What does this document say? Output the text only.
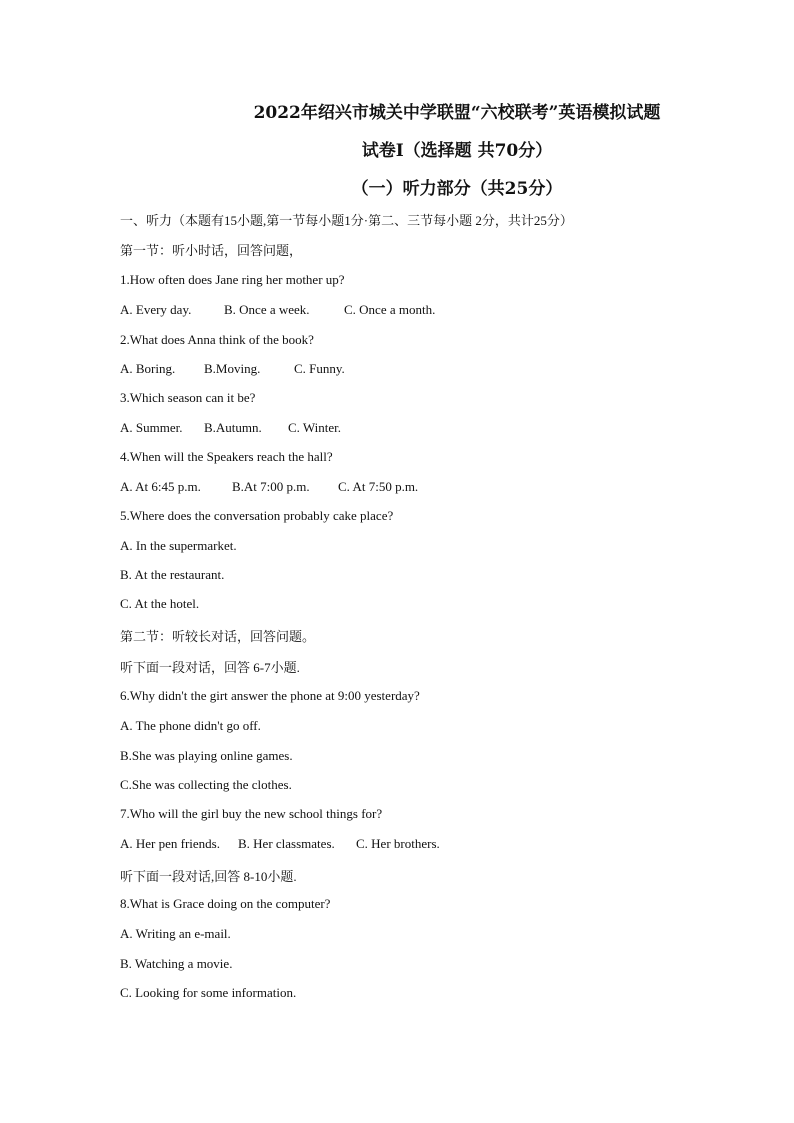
2022年绍兴市城关中学联盟“六校联考”英语模拟试题
试卷I（选择题 共70分）
（一）听力部分（共25分）
一、听力（本题有15小题,第一节每小题1分·第二、三节每小题 2分，共计25分）
第一节：听小时话，回答问题，
1.How often does Jane ring her mother up?
A. Every day.	B. Once a week.	C. Once a month.
2.What does Anna think of the book?
A. Boring. B.Moving.	C. Funny.
3.Which season can it be?
A. Summer. B.Autumn. C. Winter.
4.When will the Speakers reach the hall?
A. At 6:45 p.m. B.At 7:00 p.m. C. At 7:50 p.m.
5.Where does the conversation probably cake place?
A. In the supermarket.
B. At the restaurant.
C. At the hotel.
第二节：听较长对话，回答问题。
听下面一段对话，回答 6-7小题.
6.Why didn't the girt answer the phone at 9:00 yesterday?
A. The phone didn't go off.
B.She was playing online games.
C.She was collecting the clothes.
7.Who will the girl buy the new school things for?
A. Her pen friends. B. Her classmates. C. Her brothers.
听下面一段对话,回答 8-10小题.
8.What is Grace doing on the computer?
A. Writing an e-mail.
B. Watching a movie.
C. Looking for some information.
